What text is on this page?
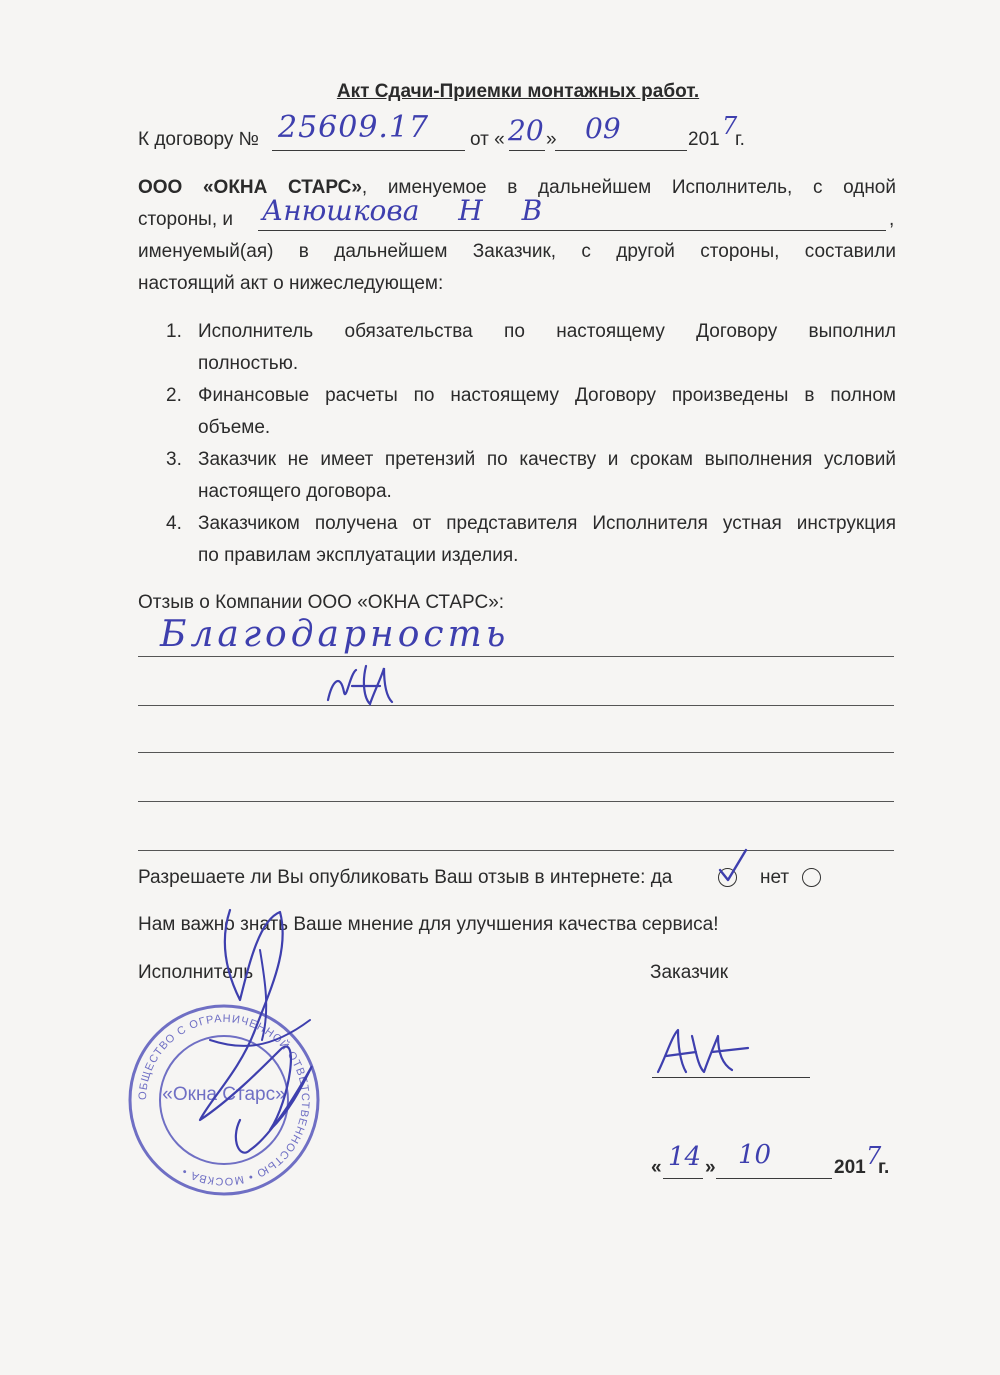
Акт Сдачи-Приемки монтажных работ.
К договору № 25609.17 от « 20 » 09	201 7
г.
ООО «ОКНА СТАРС», именуемое в дальнейшем Исполнитель, с одной
стороны, и Анюшкова Н В	,
именуемый(ая) в дальнейшем Заказчик, с другой стороны, составили
настоящий акт о нижеследующем:
1. Исполнитель обязательства по настоящему Договору выполнил
полностью.
2. Финансовые расчеты по настоящему Договору произведены в полном
объеме.
3. Заказчик не имеет претензий по качеству и срокам выполнения условий
настоящего договора.
4. Заказчиком получена от представителя Исполнителя устная инструкция
по правилам эксплуатации изделия.
Отзыв о Компании ООО «ОКНА СТАРС»:
Благодарность
Разрешаете ли Вы опубликовать Ваш отзыв в интернете: да	нет
Нам важно знать Ваше мнение для улучшения качества сервиса!
Исполнитель	Заказчик
ОБЩЕСТВО С ОГРАНИЧЕННОЙ ОТВЕТСТВЕННОСТЬЮ • МОСКВА •
«Окна Старс»
« 14 » 10	201 7
г.
